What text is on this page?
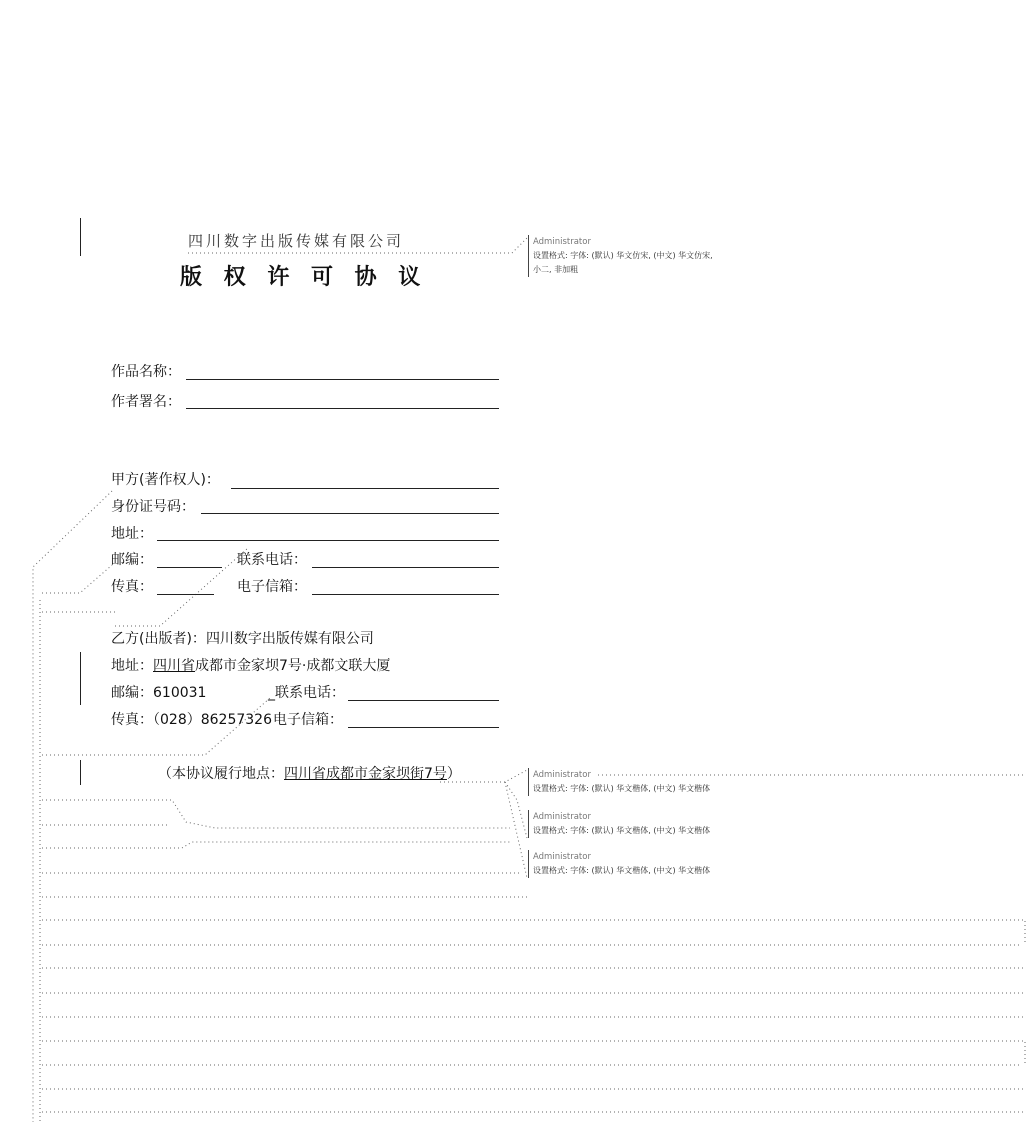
四川数字出版传媒有限公司
版 权 许 可 协 议
作品名称：
作者署名：
甲方(著作权人)：
身份证号码：
地址：
邮编：	联系电话：
传真：	电子信箱：
乙方(出版者)：四川数字出版传媒有限公司
地址：四川省成都市金家坝7号·成都文联大厦
邮编：610031	_联系电话：
传真：（028）86257326 电子信箱：
（本协议履行地点：四川省成都市金家坝街7号）
Administrator
设置格式: 字体: (默认) 华文仿宋, (中文) 华文仿宋,
小二, 非加粗
Administrator
设置格式: 字体: (默认) 华文楷体, (中文) 华文楷体
Administrator
设置格式: 字体: (默认) 华文楷体, (中文) 华文楷体
Administrator
设置格式: 字体: (默认) 华文楷体, (中文) 华文楷体
